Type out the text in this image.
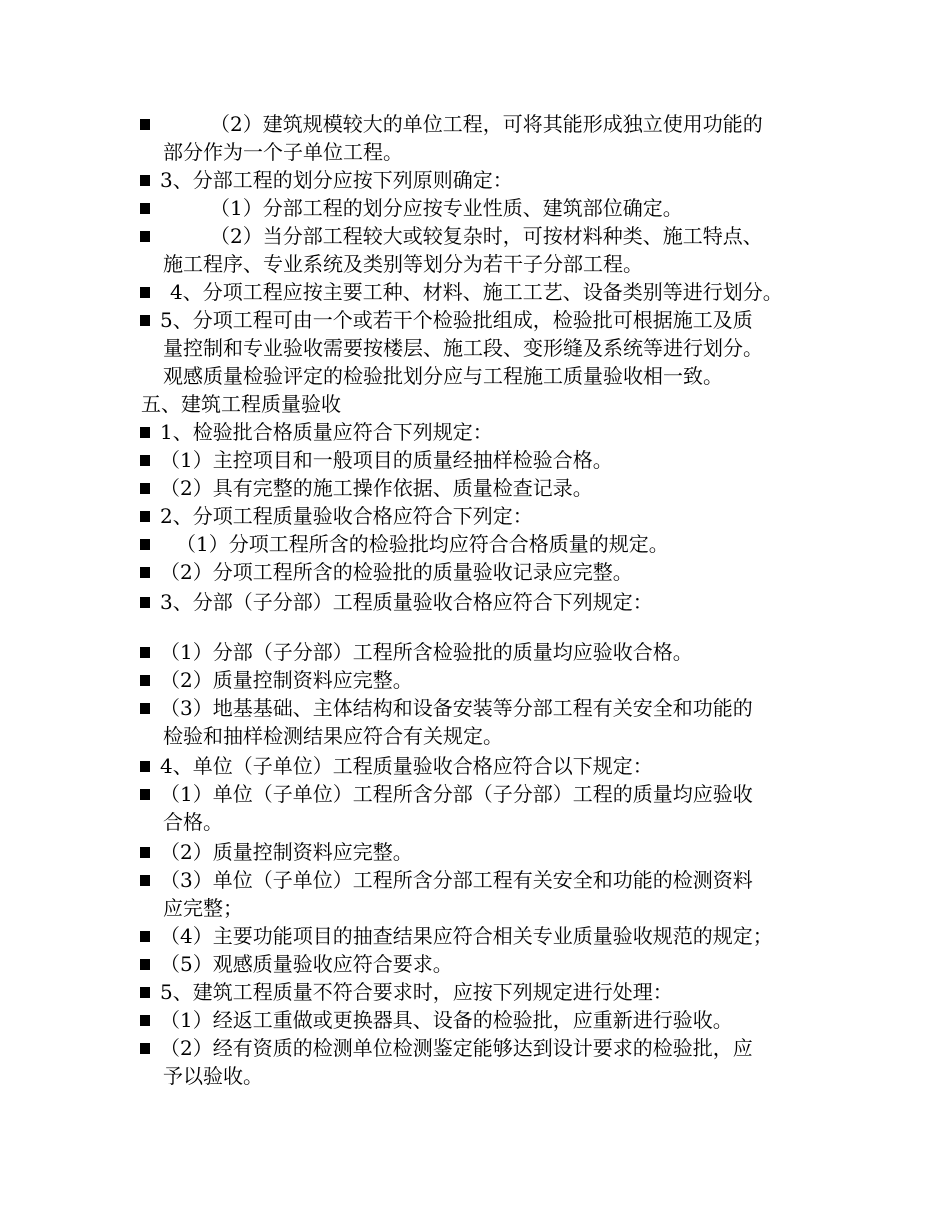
（2）建筑规模较大的单位工程，可将其能形成独立使用功能的
部分作为一个子单位工程。
3、分部工程的划分应按下列原则确定：
（1）分部工程的划分应按专业性质、建筑部位确定。
（2）当分部工程较大或较复杂时，可按材料种类、施工特点、
施工程序、专业系统及类别等划分为若干子分部工程。
4、分项工程应按主要工种、材料、施工工艺、设备类别等进行划分。
5、分项工程可由一个或若干个检验批组成，检验批可根据施工及质
量控制和专业验收需要按楼层、施工段、变形缝及系统等进行划分。
观感质量检验评定的检验批划分应与工程施工质量验收相一致。
五、建筑工程质量验收
1、检验批合格质量应符合下列规定：
（1）主控项目和一般项目的质量经抽样检验合格。
（2）具有完整的施工操作依据、质量检查记录。
2、分项工程质量验收合格应符合下列定：
（1）分项工程所含的检验批均应符合合格质量的规定。
（2）分项工程所含的检验批的质量验收记录应完整。
3、分部（子分部）工程质量验收合格应符合下列规定：
（1）分部（子分部）工程所含检验批的质量均应验收合格。
（2）质量控制资料应完整。
（3）地基基础、主体结构和设备安装等分部工程有关安全和功能的
检验和抽样检测结果应符合有关规定。
4、单位（子单位）工程质量验收合格应符合以下规定：
（1）单位（子单位）工程所含分部（子分部）工程的质量均应验收
合格。
（2）质量控制资料应完整。
（3）单位（子单位）工程所含分部工程有关安全和功能的检测资料
应完整；
（4）主要功能项目的抽查结果应符合相关专业质量验收规范的规定；
（5）观感质量验收应符合要求。
5、建筑工程质量不符合要求时，应按下列规定进行处理：
（1）经返工重做或更换器具、设备的检验批，应重新进行验收。
（2）经有资质的检测单位检测鉴定能够达到设计要求的检验批，应
予以验收。
